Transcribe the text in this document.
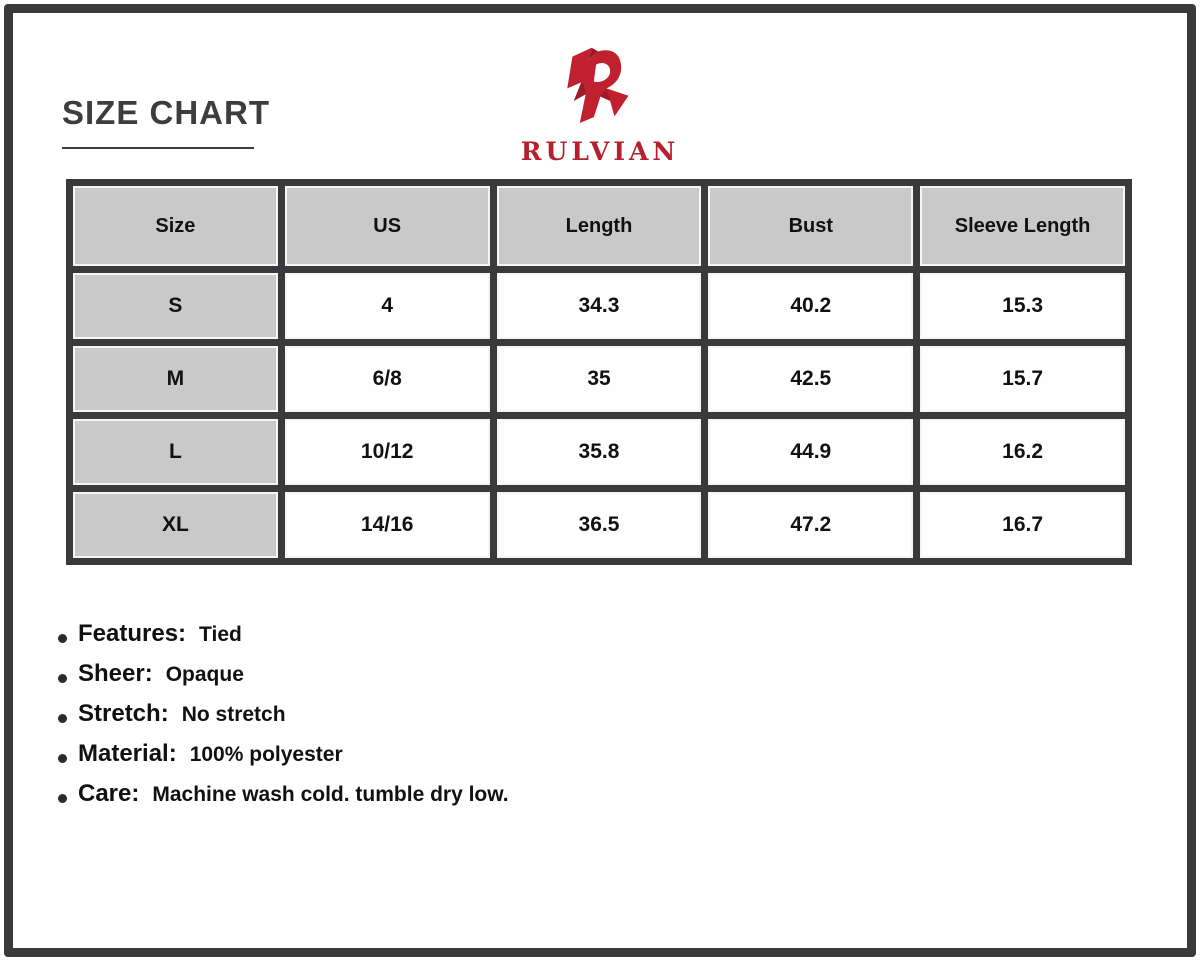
SIZE CHART
RULVIAN
Size	US	Length	Bust	Sleeve Length
S	4	34.3	40.2	15.3
M	6/8	35	42.5	15.7
L	10/12	35.8	44.9	16.2
XL	14/16	36.5	47.2	16.7
Features: Tied
Sheer: Opaque
Stretch: No stretch
Material: 100% polyester
Care: Machine wash cold. tumble dry low.
